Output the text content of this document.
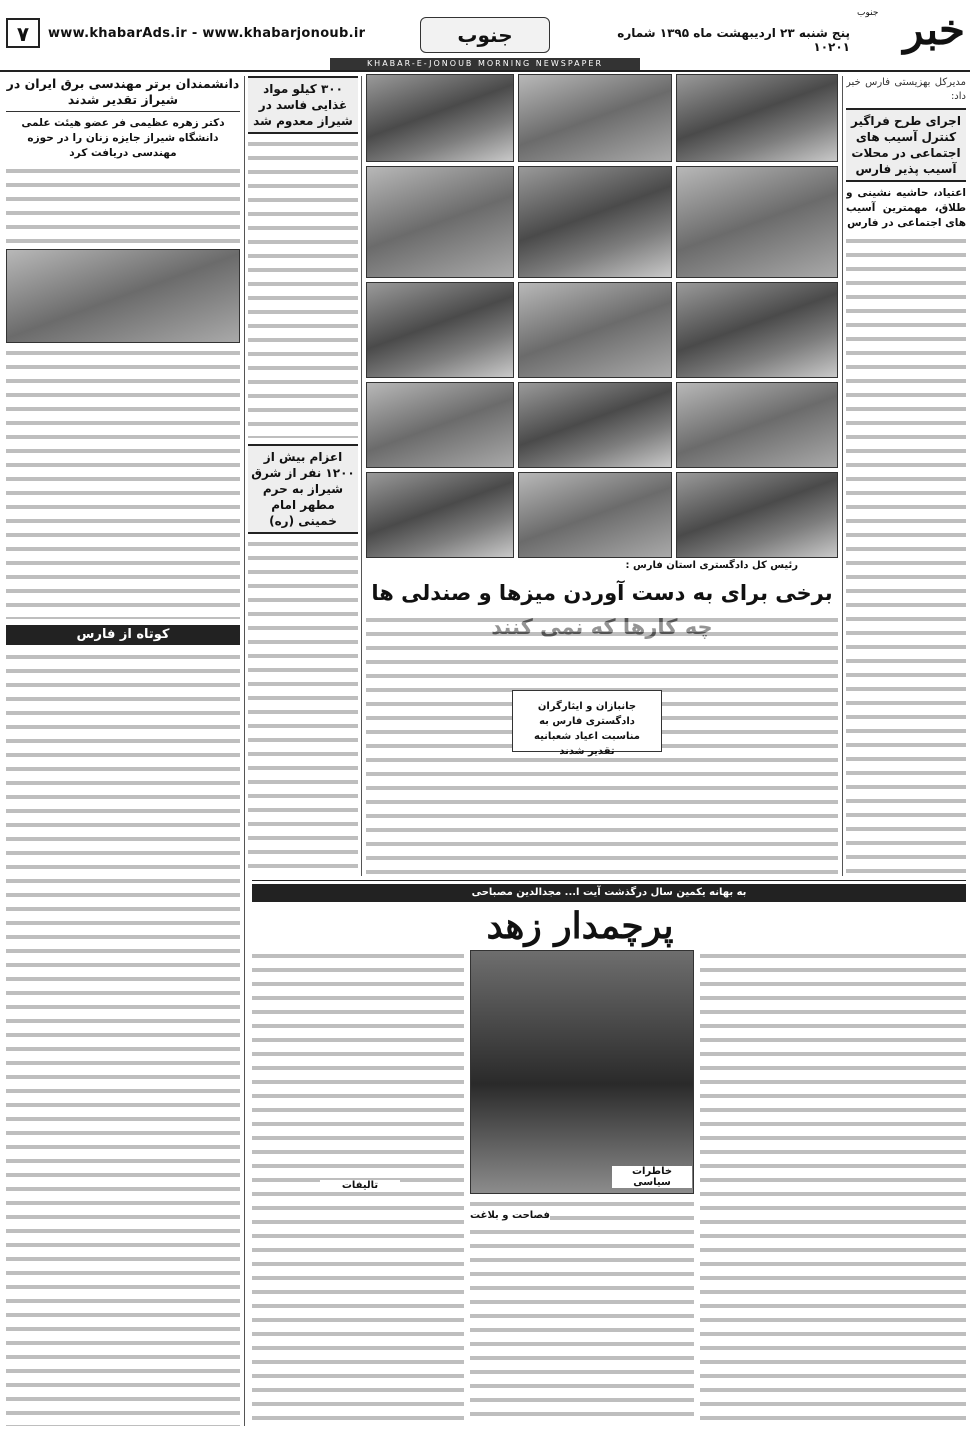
۷	www.khabarAds.ir - www.khabarjonoub.ir	جنوب	پنج شنبه ۲۳ اردیبهشت ماه ۱۳۹۵ شماره ۱۰۲۰۱ خبر
جنوب
KHABAR-E-JONOUB MORNING NEWSPAPER
مدیرکل بهزیستی فارس خبر داد:
اجرای طرح فراگیر کنترل آسیب های اجتماعی در محلات آسیب پذیر فارس
اعتیاد، حاشیه نشینی و طلاق، مهمترین آسیب های اجتماعی در فارس
رئیس کل دادگستری استان فارس :
برخی برای به دست آوردن میزها و صندلی ها
جانبازان و ایثارگران دادگستری فارس به مناسبت اعیاد شعبانیه تقدیر شدند
۳۰۰ کیلو مواد غذایی فاسد در شیراز معدوم شد
اعزام بیش از ۱۲۰۰ نفر از شرق شیراز به حرم مطهر امام خمینی (ره)
دانشمندان برتر مهندسی برق ایران در شیراز تقدیر شدند
دکتر زهره عظیمی فر عضو هیئت علمی دانشگاه شیراز جایزه زنان را در حوزه مهندسی دریافت کرد
کوتاه از فارس
به بهانه یکمین سال درگذشت آیت ا... مجدالدین مصباحی
پرچمدار زهد
خاطرات سیاسی
تالیفات
فصاحت و بلاغت
